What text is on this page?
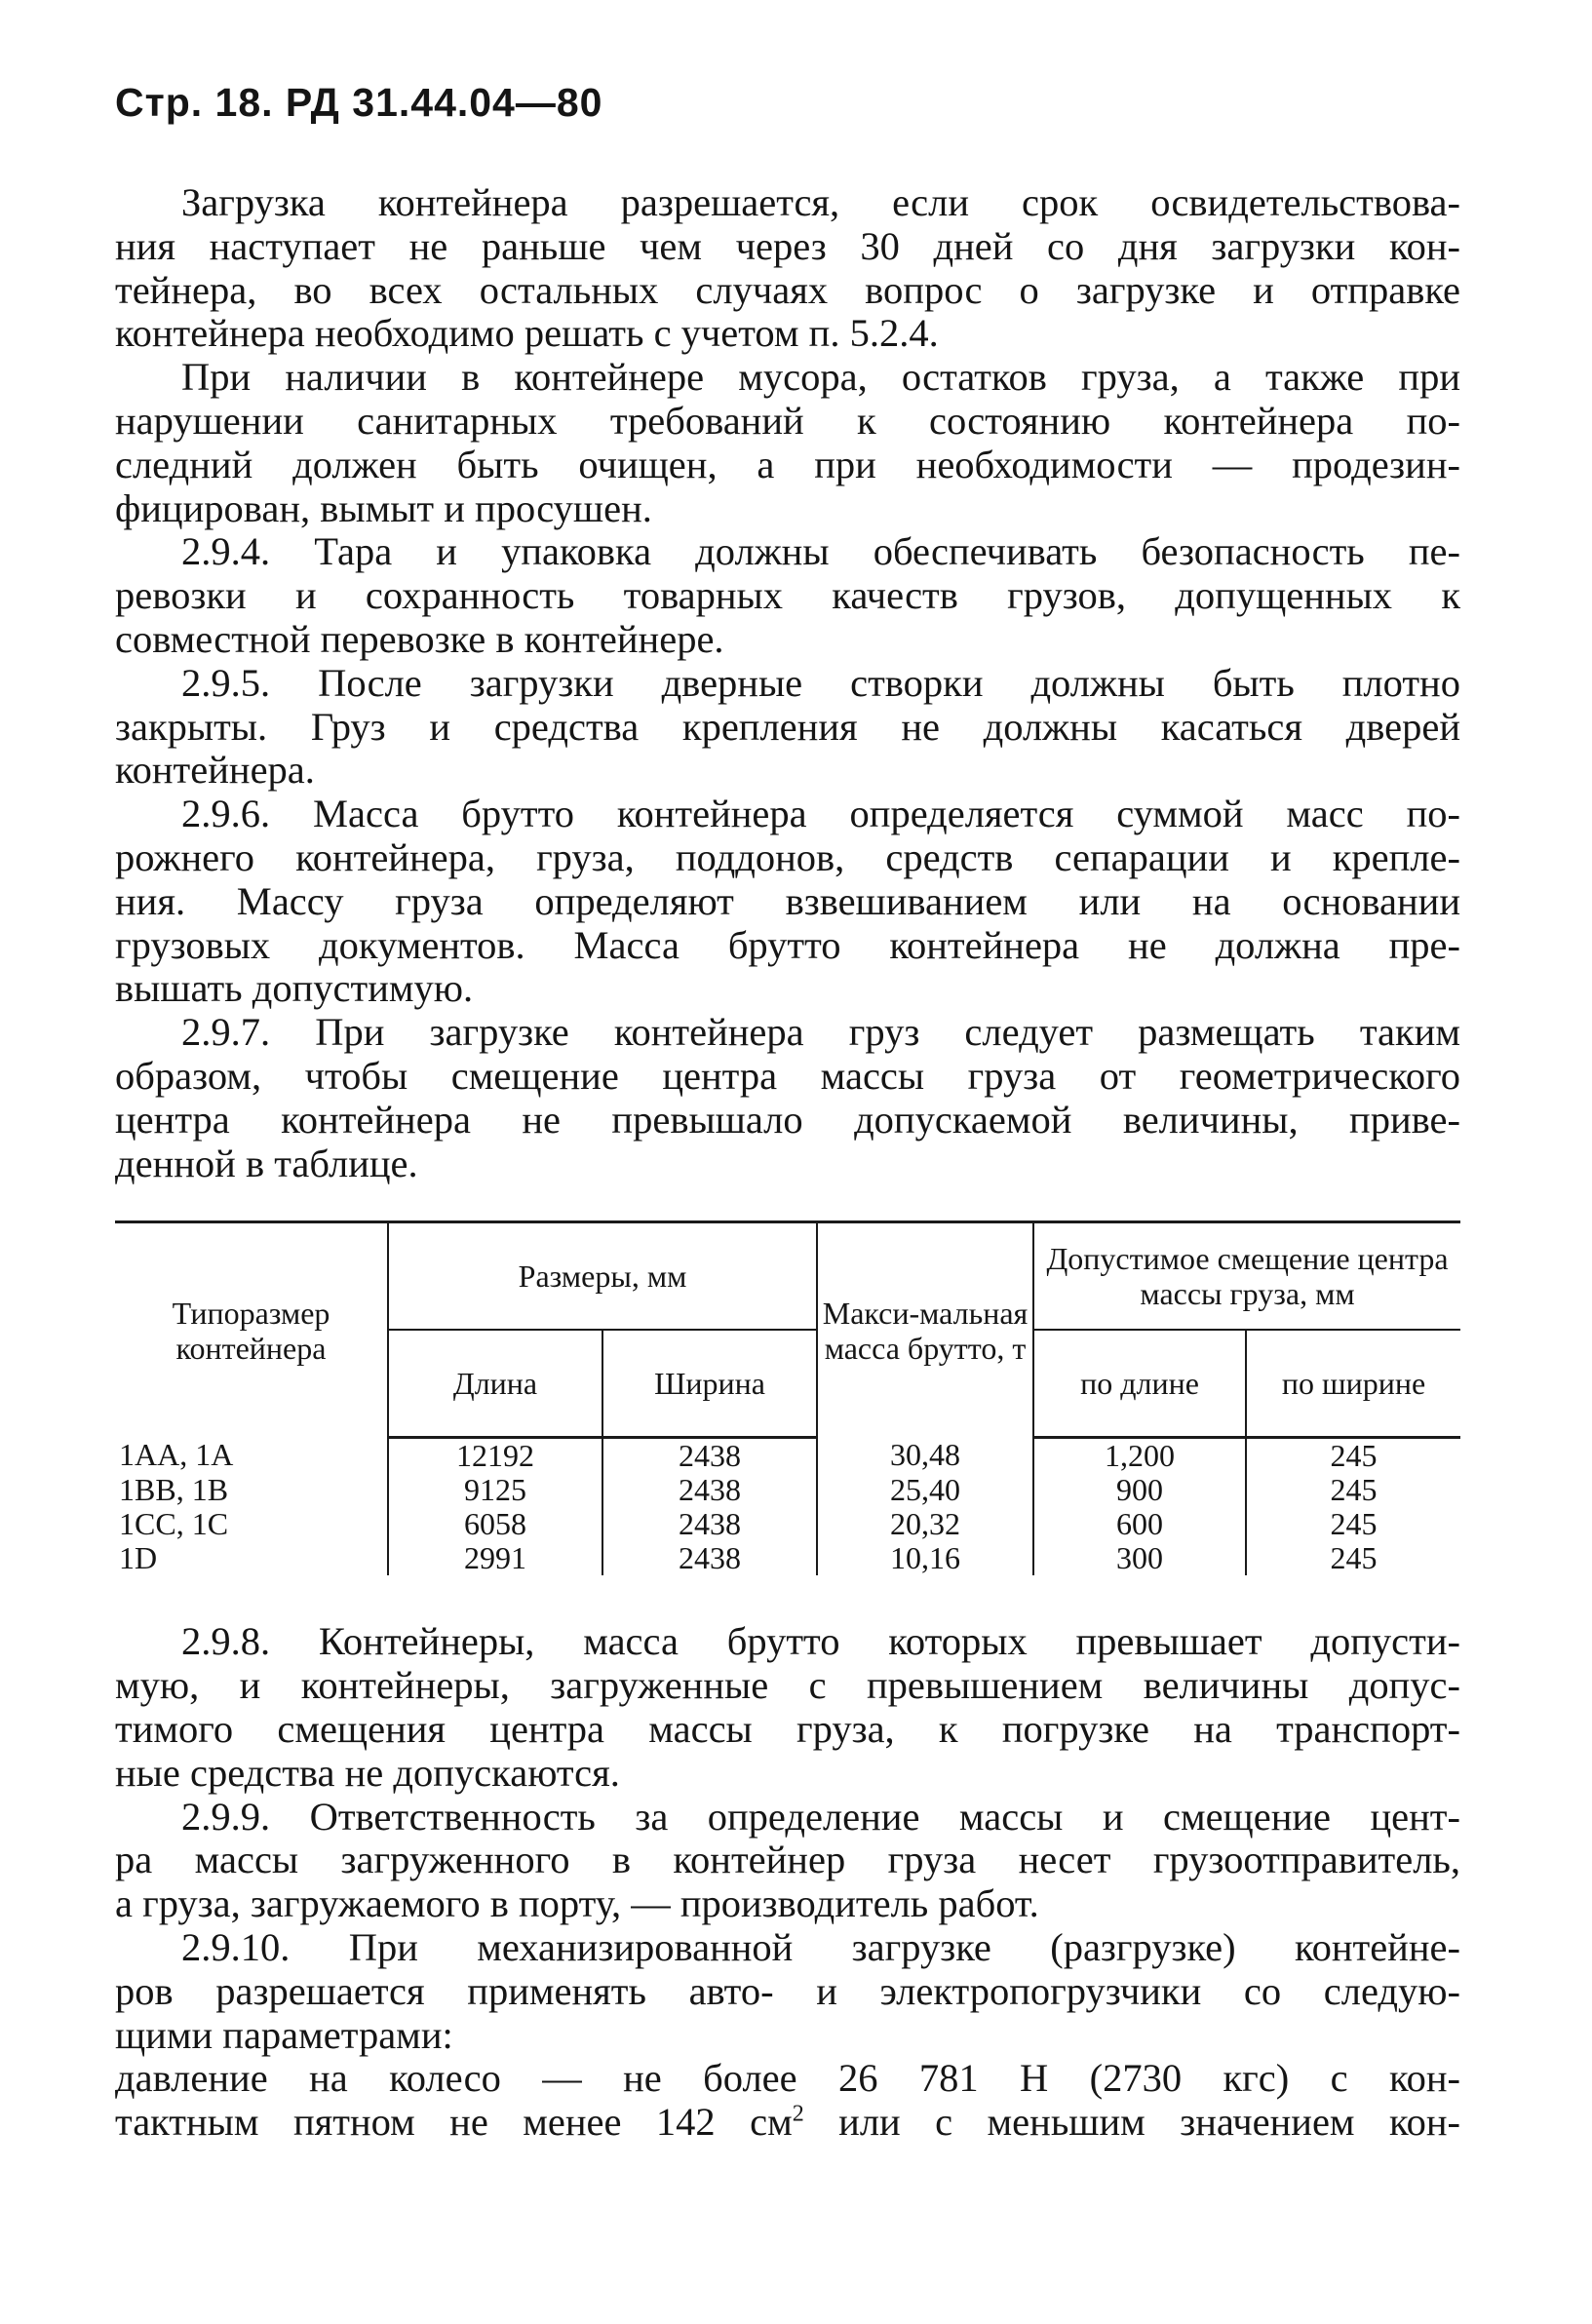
Стр. 18. РД 31.44.04—80
Загрузка контейнера разрешается, если срок освидетельствова-
ния наступает не раньше чем через 30 дней со дня загрузки кон-
тейнера, во всех остальных случаях вопрос о загрузке и отправке
контейнера необходимо решать с учетом п. 5.2.4.
При наличии в контейнере мусора, остатков груза, а также при
нарушении санитарных требований к состоянию контейнера по-
следний должен быть очищен, а при необходимости — продезин-
фицирован, вымыт и просушен.
2.9.4. Тара и упаковка должны обеспечивать безопасность пе-
ревозки и сохранность товарных качеств грузов, допущенных к
совместной перевозке в контейнере.
2.9.5. После загрузки дверные створки должны быть плотно
закрыты. Груз и средства крепления не должны касаться дверей
контейнера.
2.9.6. Масса брутто контейнера определяется суммой масс по-
рожнего контейнера, груза, поддонов, средств сепарации и крепле-
ния. Массу груза определяют взвешиванием или на основании
грузовых документов. Масса брутто контейнера не должна пре-
вышать допустимую.
2.9.7. При загрузке контейнера груз следует размещать таким
образом, чтобы смещение центра массы груза от геометрического
центра контейнера не превышало допускаемой величины, приве-
денной в таблице.
Типоразмер контейнера	Размеры, мм		Макси-мальная масса брутто, т	Допустимое смещение центра массы груза, мм	
	Длина	Ширина		по длине	по ширине
1АА, 1А	12192	2438	30,48	1,200	245
1ВВ, 1В	9125	2438	25,40	900	245
1СС, 1С	6058	2438	20,32	600	245
1D	2991	2438	10,16	300	245
2.9.8. Контейнеры, масса брутто которых превышает допусти-
мую, и контейнеры, загруженные с превышением величины допус-
тимого смещения центра массы груза, к погрузке на транспорт-
ные средства не допускаются.
2.9.9. Ответственность за определение массы и смещение цент-
ра массы загруженного в контейнер груза несет грузоотправитель,
а груза, загружаемого в порту, — производитель работ.
2.9.10. При механизированной загрузке (разгрузке) контейне-
ров разрешается применять авто- и электропогрузчики со следую-
щими параметрами:
давление на колесо — не более 26 781 Н (2730 кгс) с кон-
тактным пятном не менее 142 $см^2$ или с меньшим значением кон-
